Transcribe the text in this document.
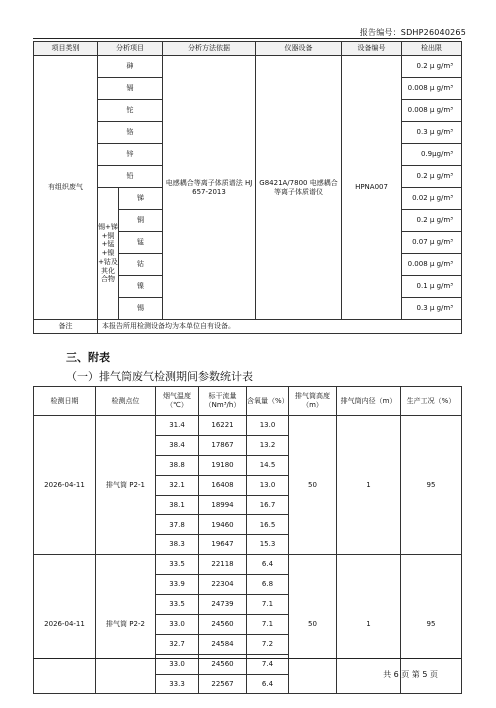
报告编号：SDHP26040265
项目类别	分析项目		分析方法依据	仪器设备	设备编号	检出限
有组织废气	砷		电感耦合等离子体质谱法 HJ 657-2013	G8421A/7800 电感耦合等离子体质谱仪	HPNA007	0.2 μ g/m³
	镉					0.008 μ g/m³
	铊					0.008 μ g/m³
	铬					0.3 μ g/m³
	锌					0.9μg/m³
	铅					0.2 μ g/m³
	锡+锑+铜+锰+镍+钴及其化合物	锑				0.02 μ g/m³
		铜				0.2 μ g/m³
		锰				0.07 μ g/m³
		钴				0.008 μ g/m³
		镍				0.1 μ g/m³
		锡				0.3 μ g/m³
备注	本报告所用检测设备均为本单位自有设备。					
三、附表
（一）排气筒废气检测期间参数统计表
检测日期	检测点位	烟气温度（℃）	标干流量（Nm³/h）	含氧量（%）	排气筒高度（m）	排气筒内径（m）	生产工况（%）
2026-04-11	排气筒 P2-1	31.4	16221	13.0	50	1	95
		38.4	17867	13.2			
		38.8	19180	14.5			
		32.1	16408	13.0			
		38.1	18994	16.7			
		37.8	19460	16.5			
		38.3	19647	15.3			
2026-04-11	排气筒 P2-2	33.5	22118	6.4	50	1	95
		33.9	22304	6.8			
		33.5	24739	7.1			
		33.0	24560	7.1			
		32.7	24584	7.2			
		33.0	24560	7.4			
		33.3	22567	6.4			
共 6 页 第 5 页
